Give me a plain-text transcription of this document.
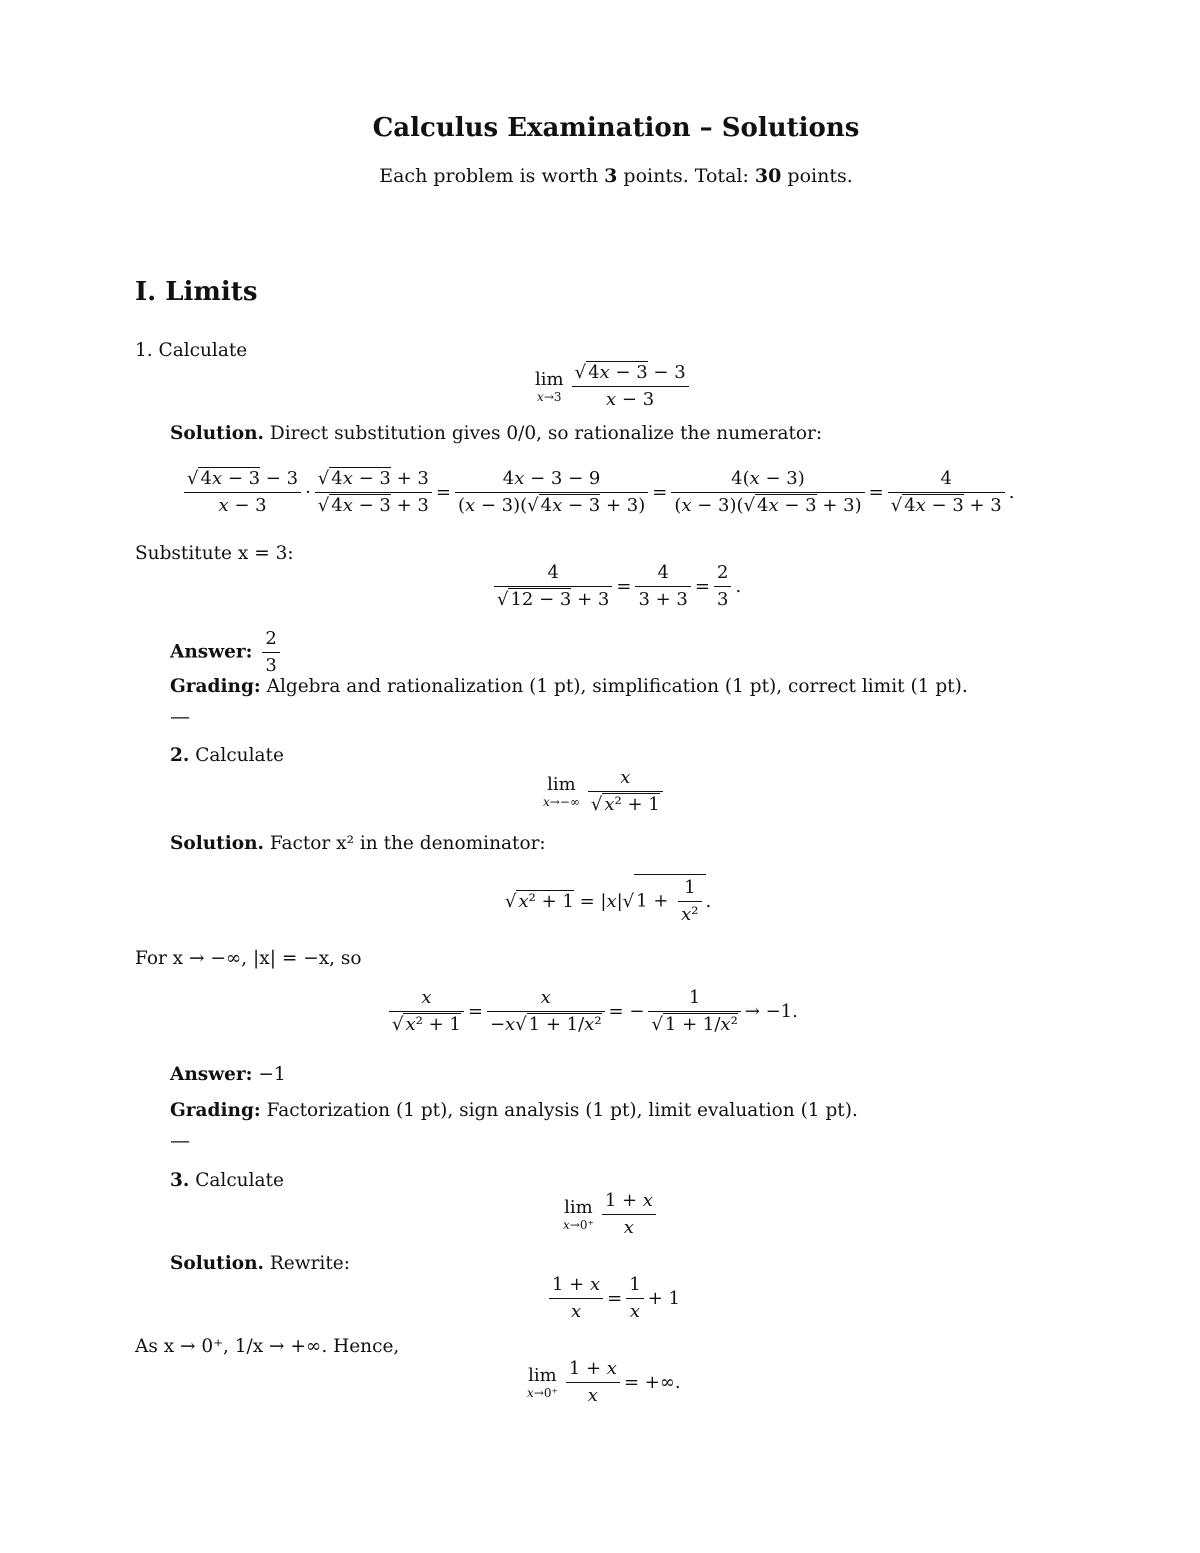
Calculus Examination – Solutions
Each problem is worth 3 points. Total: 30 points.
I. Limits
1. Calculate
lim
$x\to 3 \frac{√ 4x - 3 - 3}{x - 3}$
Solution. Direct substitution gives 0/0, so rationalize the numerator:
√ 4x − 3 − 3
x − 3
·
√ 4x − 3 + 3
√ 4x − 3 + 3
=
4x − 3 − 9
(x − 3)(√ 4x − 3 + 3)
=
4(x − 3)
(x − 3)(√ 4x − 3 + 3)
=
4
√ 4x − 3 + 3
.
Substitute x = 3:
4
√ 12 − 3 + 3
=
4
3 + 3
=
2
3
.
Answer: $\frac{2}{3}$
Grading: Algebra and rationalization (1 pt), simplification (1 pt), correct limit (1 pt).
—
2. Calculate
lim
$x\to-\infty \frac{x}{\text{√ x² + 1}}$
Solution. Factor x² in the denominator:
√ x² + 1 = | x |√ $1 + \frac{1}{\text{x²}}$ .
For x → −∞, |x| = −x, so
x
√ x² + 1
=
x
−x√ 1 + 1/x²
= −
1
√ 1 + 1/x²
→ −1.
Answer: −1
Grading: Factorization (1 pt), sign analysis (1 pt), limit evaluation (1 pt).
—
3. Calculate
lim
$x\to 0^+ \frac{1 + x}{x}$
Solution. Rewrite:
1 + x
x
=
1
x
+ 1
As x → 0⁺, 1/x → +∞. Hence,
lim
x→0⁺
1 + x
x
= +∞.
